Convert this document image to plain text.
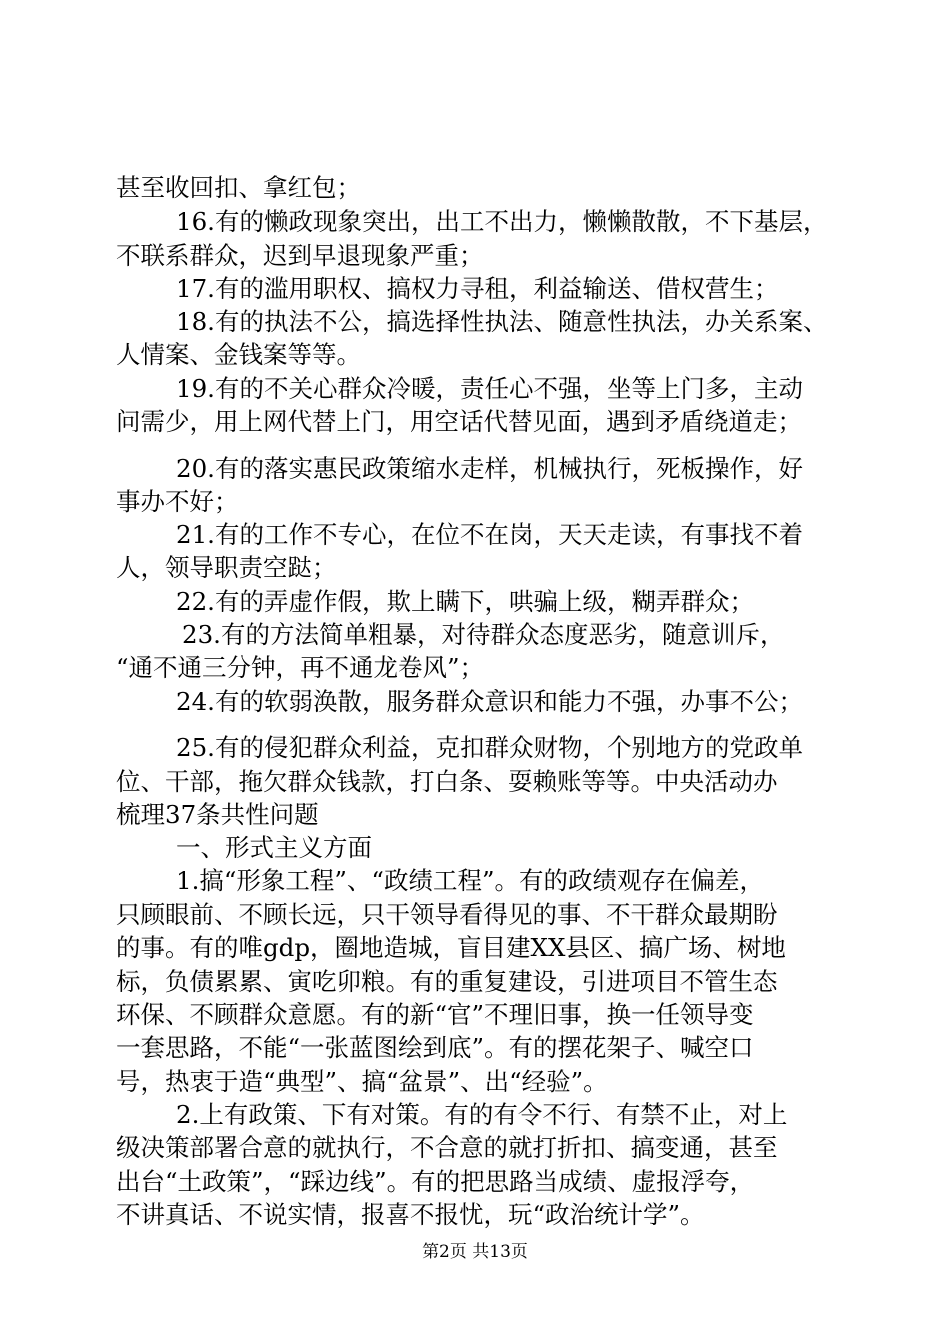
甚至收回扣、拿红包；
16.有的懒政现象突出，出工不出力，懒懒散散，不下基层，
不联系群众，迟到早退现象严重；
17.有的滥用职权、搞权力寻租，利益输送、借权营生；
18.有的执法不公，搞选择性执法、随意性执法，办关系案、
人情案、金钱案等等。
19.有的不关心群众冷暖，责任心不强，坐等上门多，主动
问需少，用上网代替上门，用空话代替见面，遇到矛盾绕道走；
20.有的落实惠民政策缩水走样，机械执行，死板操作，好
事办不好；
21.有的工作不专心，在位不在岗，天天走读，有事找不着
人，领导职责空跶；
22.有的弄虚作假，欺上瞒下，哄骗上级，糊弄群众；
23.有的方法简单粗暴，对待群众态度恶劣，随意训斥，
“通不通三分钟，再不通龙卷风”；
24.有的软弱涣散，服务群众意识和能力不强，办事不公；
25.有的侵犯群众利益，克扣群众财物，个别地方的党政单
位、干部，拖欠群众钱款，打白条、耍赖账等等。中央活动办
梳理37条共性问题
一、形式主义方面
1.搞“形象工程”、“政绩工程”。有的政绩观存在偏差，
只顾眼前、不顾长远，只干领导看得见的事、不干群众最期盼
的事。有的唯gdp，圈地造城，盲目建XX县区、搞广场、树地
标，负债累累、寅吃卯粮。有的重复建设，引进项目不管生态
环保、不顾群众意愿。有的新“官”不理旧事，换一任领导变
一套思路，不能“一张蓝图绘到底”。有的摆花架子、喊空口
号，热衷于造“典型”、搞“盆景”、出“经验”。
2.上有政策、下有对策。有的有令不行、有禁不止，对上
级决策部署合意的就执行，不合意的就打折扣、搞变通，甚至
出台“土政策”，“踩边线”。有的把思路当成绩、虚报浮夸，
不讲真话、不说实情，报喜不报忧，玩“政治统计学”。
第2页 共13页
